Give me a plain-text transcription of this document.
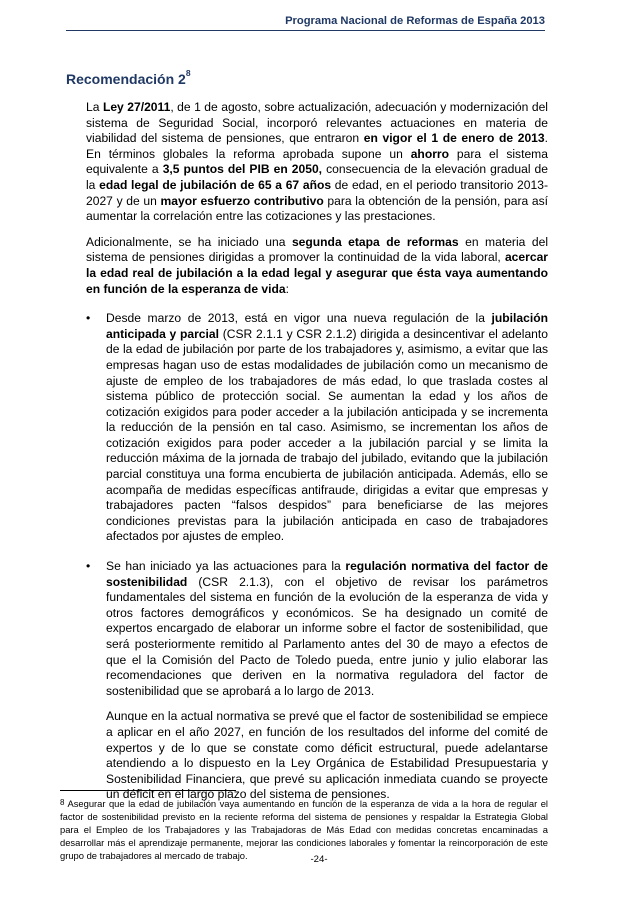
Programa Nacional de Reformas de España 2013
Recomendación $2^8$

La Ley 27/2011, de 1 de agosto, sobre actualización, adecuación y modernización del sistema de Seguridad Social, incorporó relevantes actuaciones en materia de viabilidad del sistema de pensiones, que entraron en vigor el 1 de enero de 2013. En términos globales la reforma aprobada supone un ahorro para el sistema equivalente a 3,5 puntos del PIB en 2050, consecuencia de la elevación gradual de la edad legal de jubilación de 65 a 67 años de edad, en el periodo transitorio 2013-2027 y de un mayor esfuerzo contributivo para la obtención de la pensión, para así aumentar la correlación entre las cotizaciones y las prestaciones.

Adicionalmente, se ha iniciado una segunda etapa de reformas en materia del sistema de pensiones dirigidas a promover la continuidad de la vida laboral, acercar la edad real de jubilación a la edad legal y asegurar que ésta vaya aumentando en función de la esperanza de vida:

•	Desde marzo de 2013, está en vigor una nueva regulación de la jubilación anticipada y parcial (CSR 2.1.1 y CSR 2.1.2) dirigida a desincentivar el adelanto de la edad de jubilación por parte de los trabajadores y, asimismo, a evitar que las empresas hagan uso de estas modalidades de jubilación como un mecanismo de ajuste de empleo de los trabajadores de más edad, lo que traslada costes al sistema público de protección social. Se aumentan la edad y los años de cotización exigidos para poder acceder a la jubilación anticipada y se incrementa la reducción de la pensión en tal caso. Asimismo, se incrementan los años de cotización exigidos para poder acceder a la jubilación parcial y se limita la reducción máxima de la jornada de trabajo del jubilado, evitando que la jubilación parcial constituya una forma encubierta de jubilación anticipada. Además, ello se acompaña de medidas específicas antifraude, dirigidas a evitar que empresas y trabajadores pacten “falsos despidos” para beneficiarse de las mejores condiciones previstas para la jubilación anticipada en caso de trabajadores afectados por ajustes de empleo.

•	Se han iniciado ya las actuaciones para la regulación normativa del factor de sostenibilidad (CSR 2.1.3), con el objetivo de revisar los parámetros fundamentales del sistema en función de la evolución de la esperanza de vida y otros factores demográficos y económicos. Se ha designado un comité de expertos encargado de elaborar un informe sobre el factor de sostenibilidad, que será posteriormente remitido al Parlamento antes del 30 de mayo a efectos de que el la Comisión del Pacto de Toledo pueda, entre junio y julio elaborar las recomendaciones que deriven en la normativa reguladora del factor de sostenibilidad que se aprobará a lo largo de 2013.

Aunque en la actual normativa se prevé que el factor de sostenibilidad se empiece a aplicar en el año 2027, en función de los resultados del informe del comité de expertos y de lo que se constate como déficit estructural, puede adelantarse atendiendo a lo dispuesto en la Ley Orgánica de Estabilidad Presupuestaria y Sostenibilidad Financiera, que prevé su aplicación inmediata cuando se proyecte un déficit en el largo plazo del sistema de pensiones.

$^8$ Asegurar que la edad de jubilación vaya aumentando en función de la esperanza de vida a la hora de regular el factor de sostenibilidad previsto en la reciente reforma del sistema de pensiones y respaldar la Estrategia Global para el Empleo de los Trabajadores y las Trabajadoras de Más Edad con medidas concretas encaminadas a desarrollar más el aprendizaje permanente, mejorar las condiciones laborales y fomentar la reincorporación de este grupo de trabajadores al mercado de trabajo.	-24-
